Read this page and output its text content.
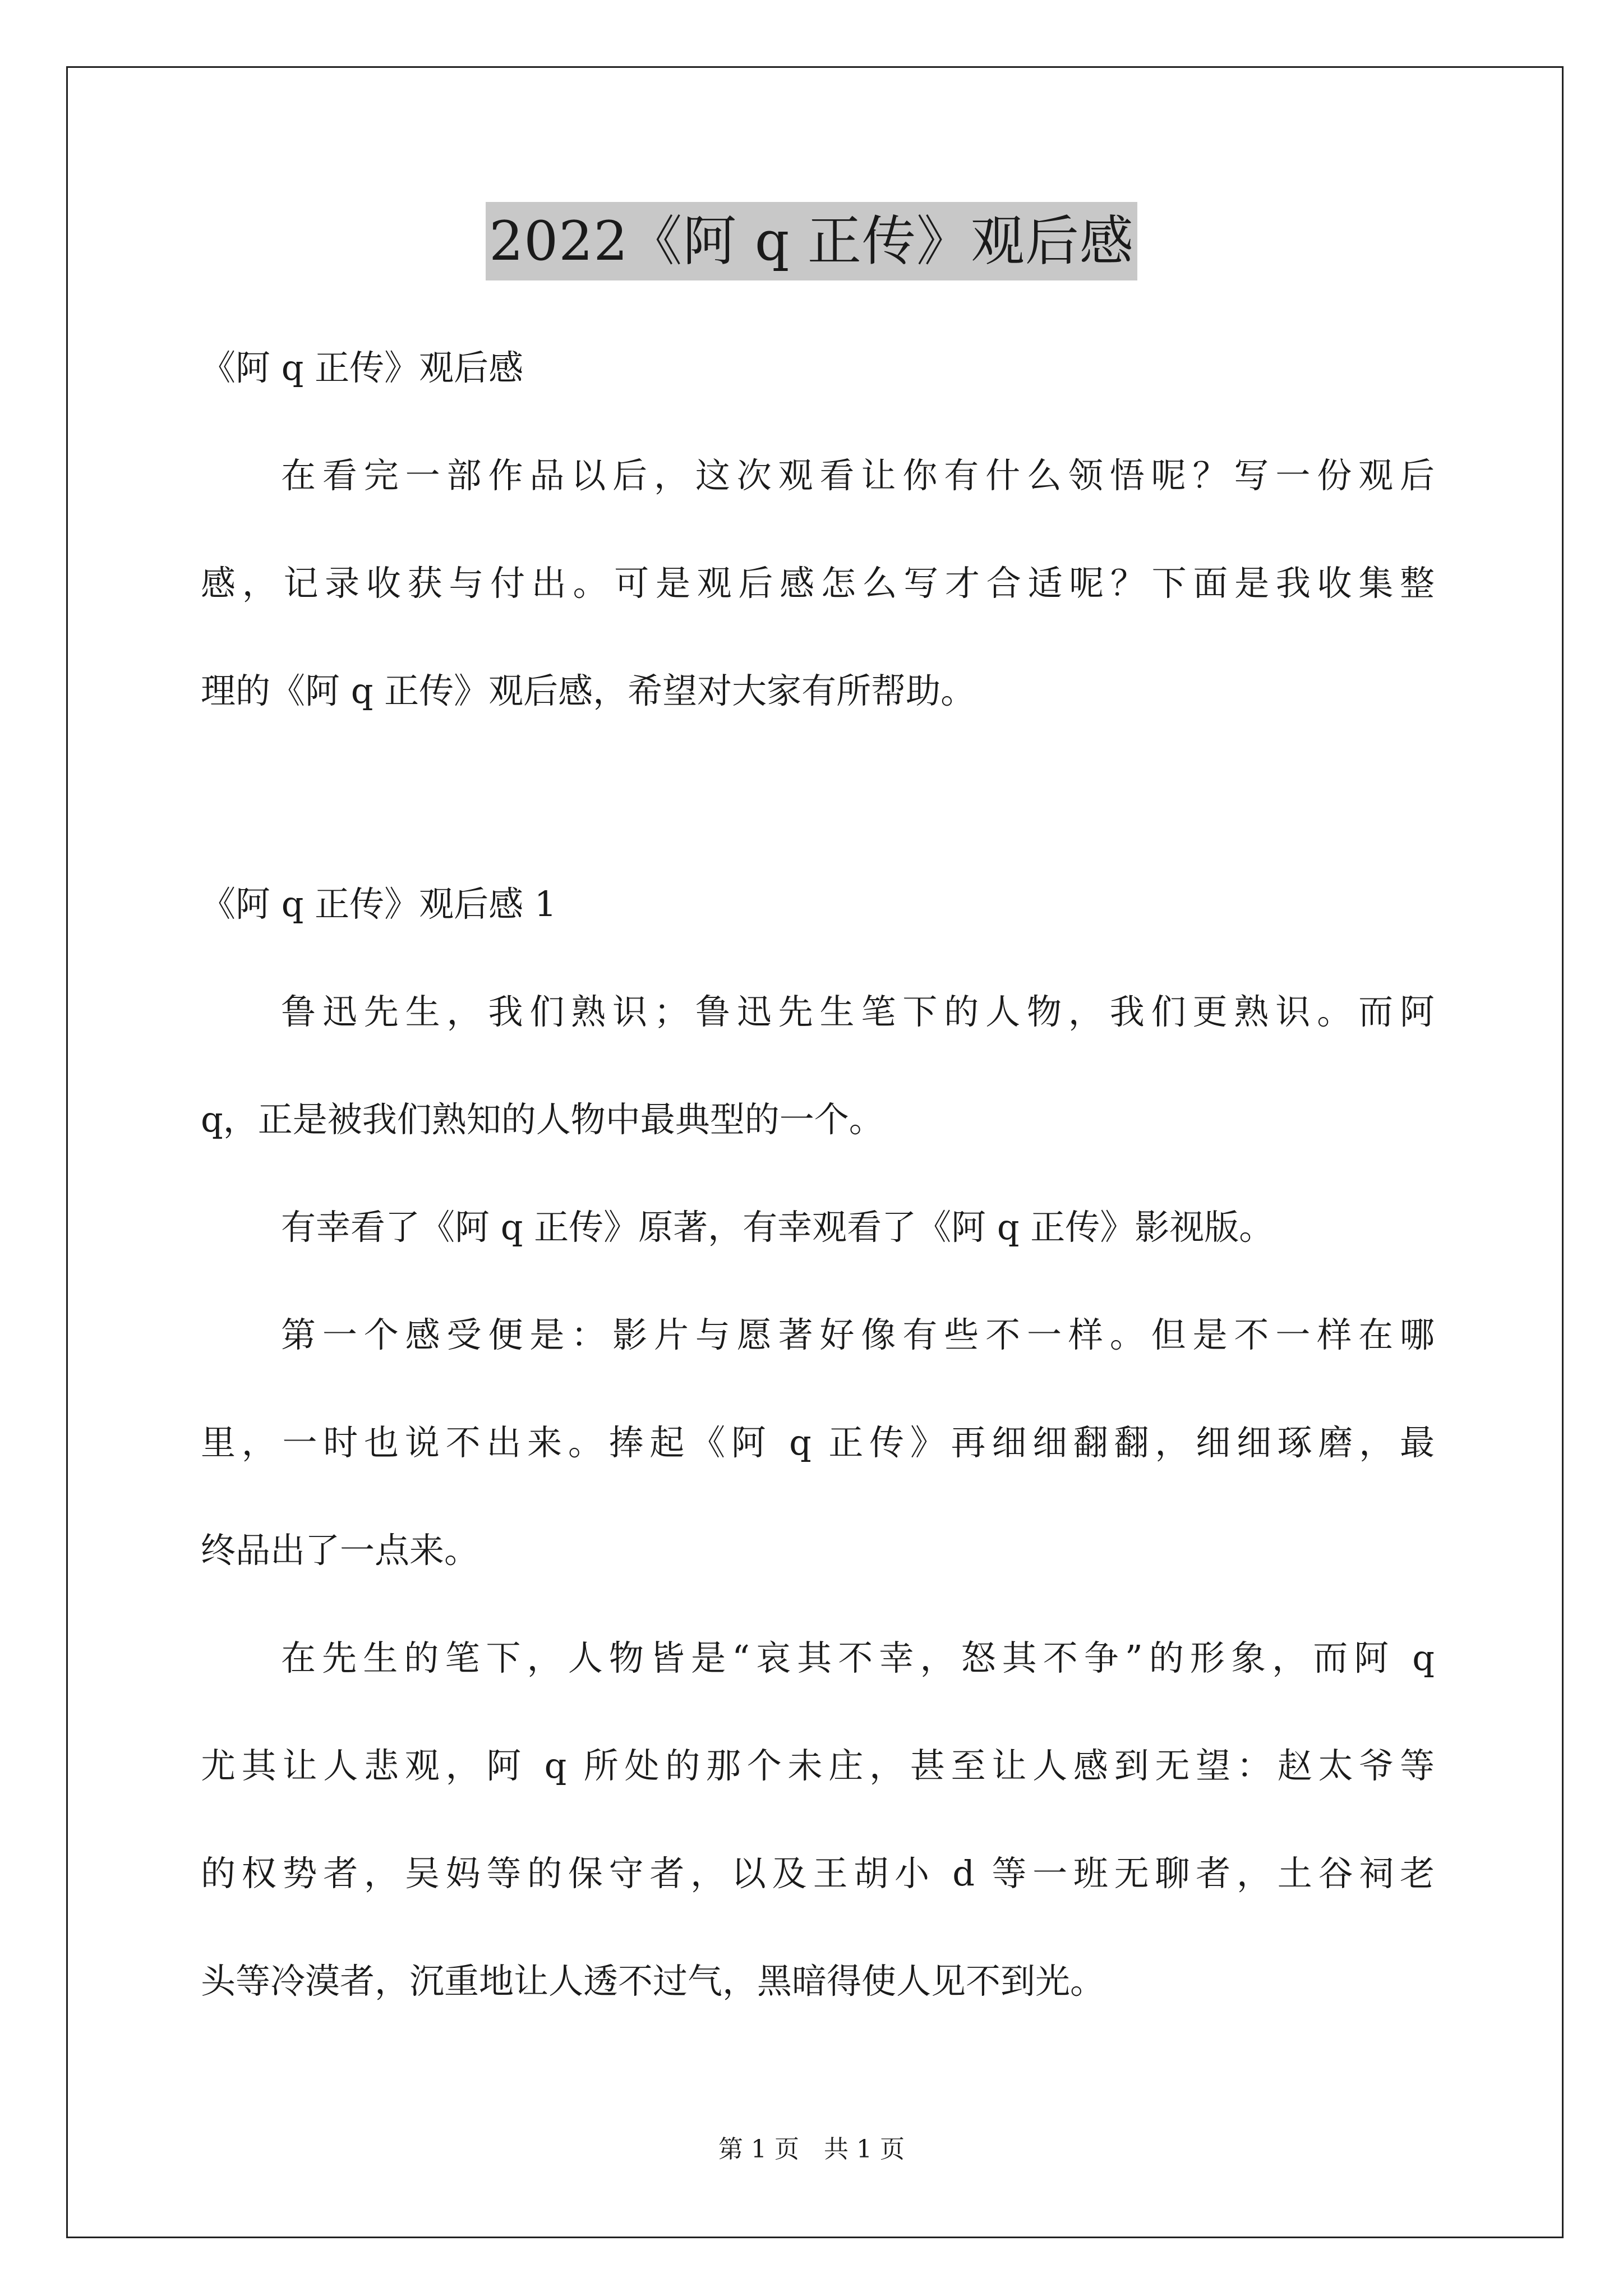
2022《阿 q 正传》观后感
《阿 q 正传》观后感
在看完一部作品以后，这次观看让你有什么领悟呢？写一份观后
感，记录收获与付出。可是观后感怎么写才合适呢？下面是我收集整
理的《阿 q 正传》观后感，希望对大家有所帮助。
《阿 q 正传》观后感 1
鲁迅先生，我们熟识；鲁迅先生笔下的人物，我们更熟识。而阿
q，正是被我们熟知的人物中最典型的一个。
有幸看了《阿 q 正传》原著，有幸观看了《阿 q 正传》影视版。
第一个感受便是：影片与愿著好像有些不一样。但是不一样在哪
里，一时也说不出来。捧起《阿 q 正传》再细细翻翻，细细琢磨，最
终品出了一点来。
在先生的笔下，人物皆是“哀其不幸，怒其不争”的形象，而阿 q
尤其让人悲观，阿 q 所处的那个未庄，甚至让人感到无望：赵太爷等
的权势者，吴妈等的保守者，以及王胡小 d 等一班无聊者，土谷祠老
头等冷漠者，沉重地让人透不过气，黑暗得使人见不到光。
第 1 页　共 1 页
